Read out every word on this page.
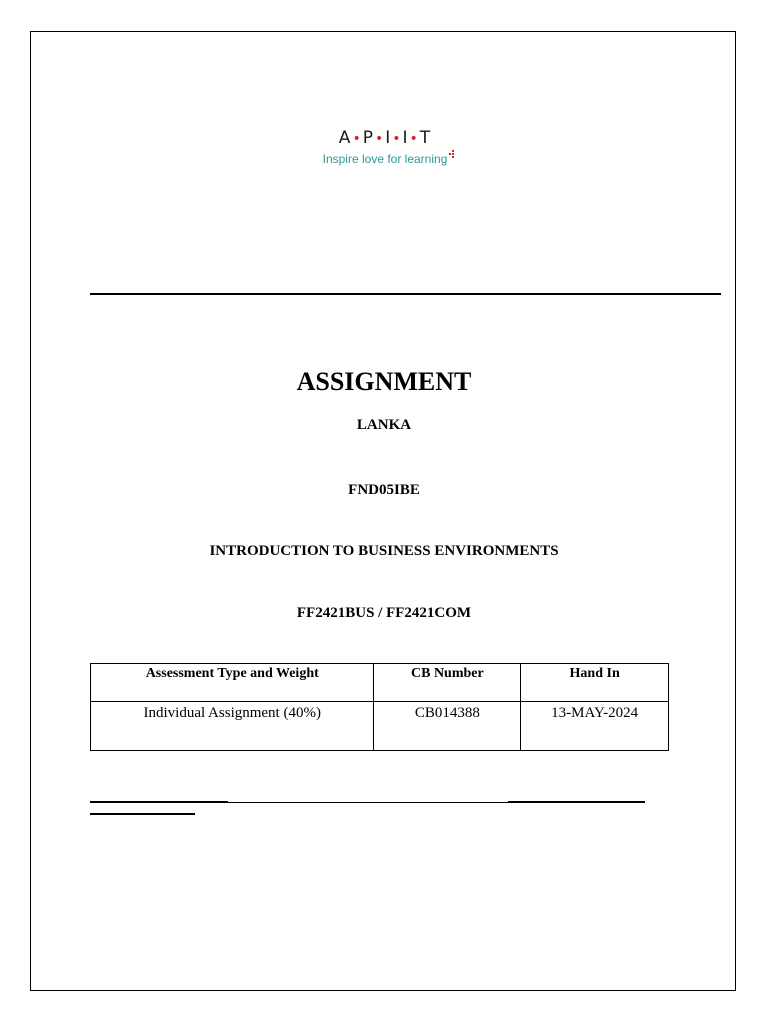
A•P•I•I•T
Inspire love for learning
ASSIGNMENT
LANKA
FND05IBE
INTRODUCTION TO BUSINESS ENVIRONMENTS
FF2421BUS / FF2421COM
Assessment Type and Weight	CB Number	Hand In
Individual Assignment (40%)	CB014388	13-MAY-2024
